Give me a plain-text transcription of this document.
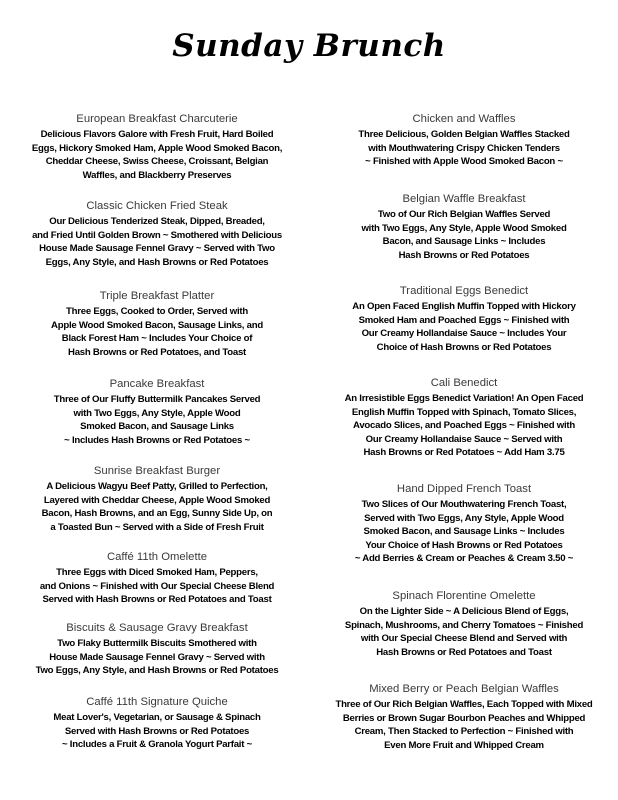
Sunday Brunch
European Breakfast Charcuterie
Delicious Flavors Galore with Fresh Fruit, Hard Boiled
Eggs, Hickory Smoked Ham, Apple Wood Smoked Bacon,
Cheddar Cheese, Swiss Cheese, Croissant, Belgian
Waffles, and Blackberry Preserves
Classic Chicken Fried Steak
Our Delicious Tenderized Steak, Dipped, Breaded,
and Fried Until Golden Brown ~ Smothered with Delicious
House Made Sausage Fennel Gravy ~ Served with Two
Eggs, Any Style, and Hash Browns or Red Potatoes
Triple Breakfast Platter
Three Eggs, Cooked to Order, Served with
Apple Wood Smoked Bacon, Sausage Links, and
Black Forest Ham ~ Includes Your Choice of
Hash Browns or Red Potatoes, and Toast
Pancake Breakfast
Three of Our Fluffy Buttermilk Pancakes Served
with Two Eggs, Any Style, Apple Wood
Smoked Bacon, and Sausage Links
~ Includes Hash Browns or Red Potatoes ~
Sunrise Breakfast Burger
A Delicious Wagyu Beef Patty, Grilled to Perfection,
Layered with Cheddar Cheese, Apple Wood Smoked
Bacon, Hash Browns, and an Egg, Sunny Side Up, on
a Toasted Bun ~ Served with a Side of Fresh Fruit
Caffé 11th Omelette
Three Eggs with Diced Smoked Ham, Peppers,
and Onions ~ Finished with Our Special Cheese Blend
Served with Hash Browns or Red Potatoes and Toast
Biscuits & Sausage Gravy Breakfast
Two Flaky Buttermilk Biscuits Smothered with
House Made Sausage Fennel Gravy ~ Served with
Two Eggs, Any Style, and Hash Browns or Red Potatoes
Caffé 11th Signature Quiche
Meat Lover's, Vegetarian, or Sausage & Spinach
Served with Hash Browns or Red Potatoes
~ Includes a Fruit & Granola Yogurt Parfait ~
Chicken and Waffles
Three Delicious, Golden Belgian Waffles Stacked
with Mouthwatering Crispy Chicken Tenders
~ Finished with Apple Wood Smoked Bacon ~
Belgian Waffle Breakfast
Two of Our Rich Belgian Waffles Served
with Two Eggs, Any Style, Apple Wood Smoked
Bacon, and Sausage Links ~ Includes
Hash Browns or Red Potatoes
Traditional Eggs Benedict
An Open Faced English Muffin Topped with Hickory
Smoked Ham and Poached Eggs ~ Finished with
Our Creamy Hollandaise Sauce ~ Includes Your
Choice of Hash Browns or Red Potatoes
Cali Benedict
An Irresistible Eggs Benedict Variation! An Open Faced
English Muffin Topped with Spinach, Tomato Slices,
Avocado Slices, and Poached Eggs ~ Finished with
Our Creamy Hollandaise Sauce ~ Served with
Hash Browns or Red Potatoes ~ Add Ham 3.75
Hand Dipped French Toast
Two Slices of Our Mouthwatering French Toast,
Served with Two Eggs, Any Style, Apple Wood
Smoked Bacon, and Sausage Links ~ Includes
Your Choice of Hash Browns or Red Potatoes
~ Add Berries & Cream or Peaches & Cream 3.50 ~
Spinach Florentine Omelette
On the Lighter Side ~ A Delicious Blend of Eggs,
Spinach, Mushrooms, and Cherry Tomatoes ~ Finished
with Our Special Cheese Blend and Served with
Hash Browns or Red Potatoes and Toast
Mixed Berry or Peach Belgian Waffles
Three of Our Rich Belgian Waffles, Each Topped with Mixed
Berries or Brown Sugar Bourbon Peaches and Whipped
Cream, Then Stacked to Perfection ~ Finished with
Even More Fruit and Whipped Cream
